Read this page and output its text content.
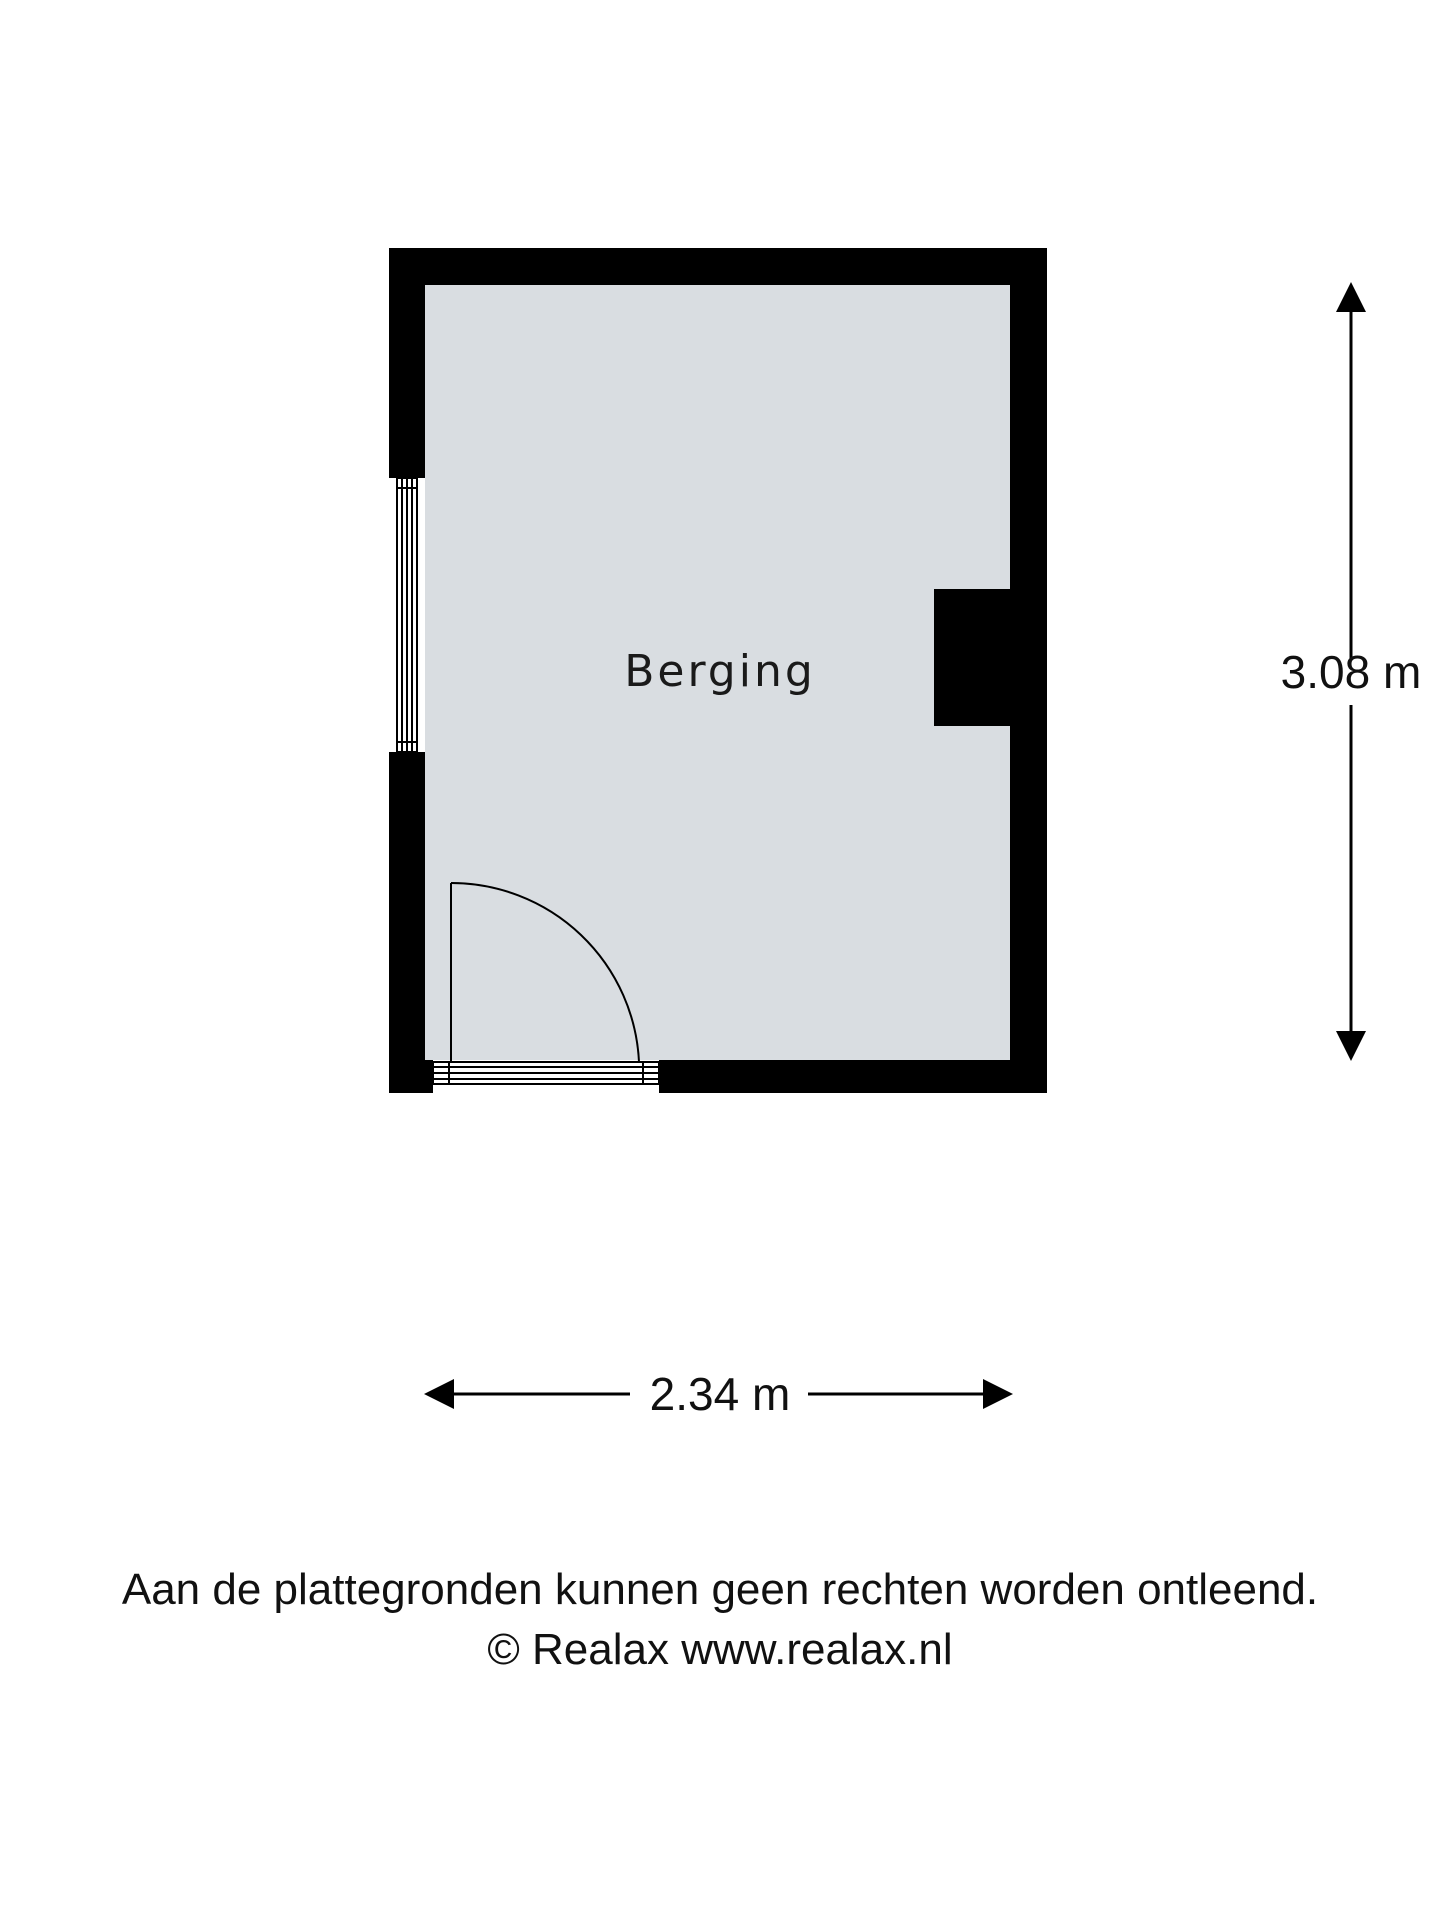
Berging	3.08 m
2.34 m
Aan de plattegronden kunnen geen rechten worden ontleend.
© Realax www.realax.nl
